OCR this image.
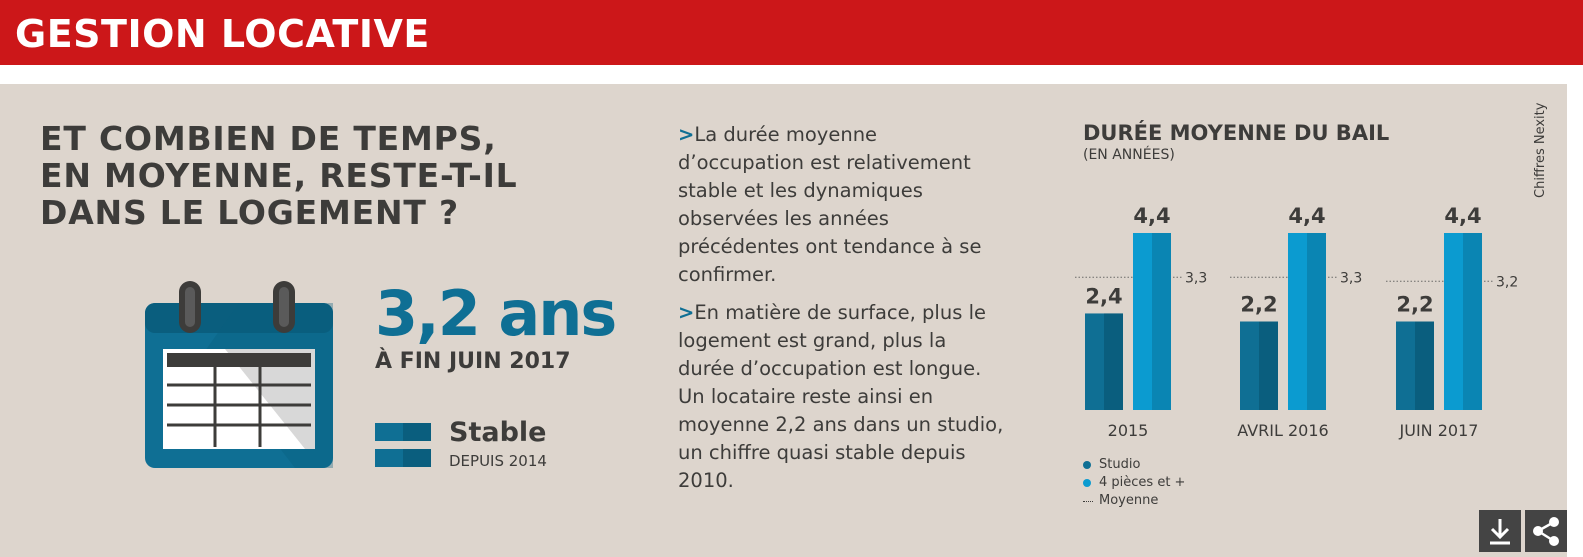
GESTION LOCATIVE
ET COMBIEN DE TEMPS,
EN MOYENNE, RESTE-T-IL
DANS LE LOGEMENT ?
3,2 ans
À FIN JUIN 2017
Stable
DEPUIS 2014

>La durée moyenne d’occupation est relativement stable et les dynamiques observées les années précédentes ont tendance à se confirmer.

>En matière de surface, plus le logement est grand, plus la durée d’occupation est longue. Un locataire reste ainsi en moyenne 2,2 ans dans un studio, un chiffre quasi stable depuis 2010.

DURÉE MOYENNE DU BAIL
(EN ANNÉES)	Chiffres Nexity
3,3
2,4
4,4
2015
3,3
2,2
4,4
AVRIL 2016
3,2
2,2
4,4
JUIN 2017
Studio
4 pièces et +
Moyenne
